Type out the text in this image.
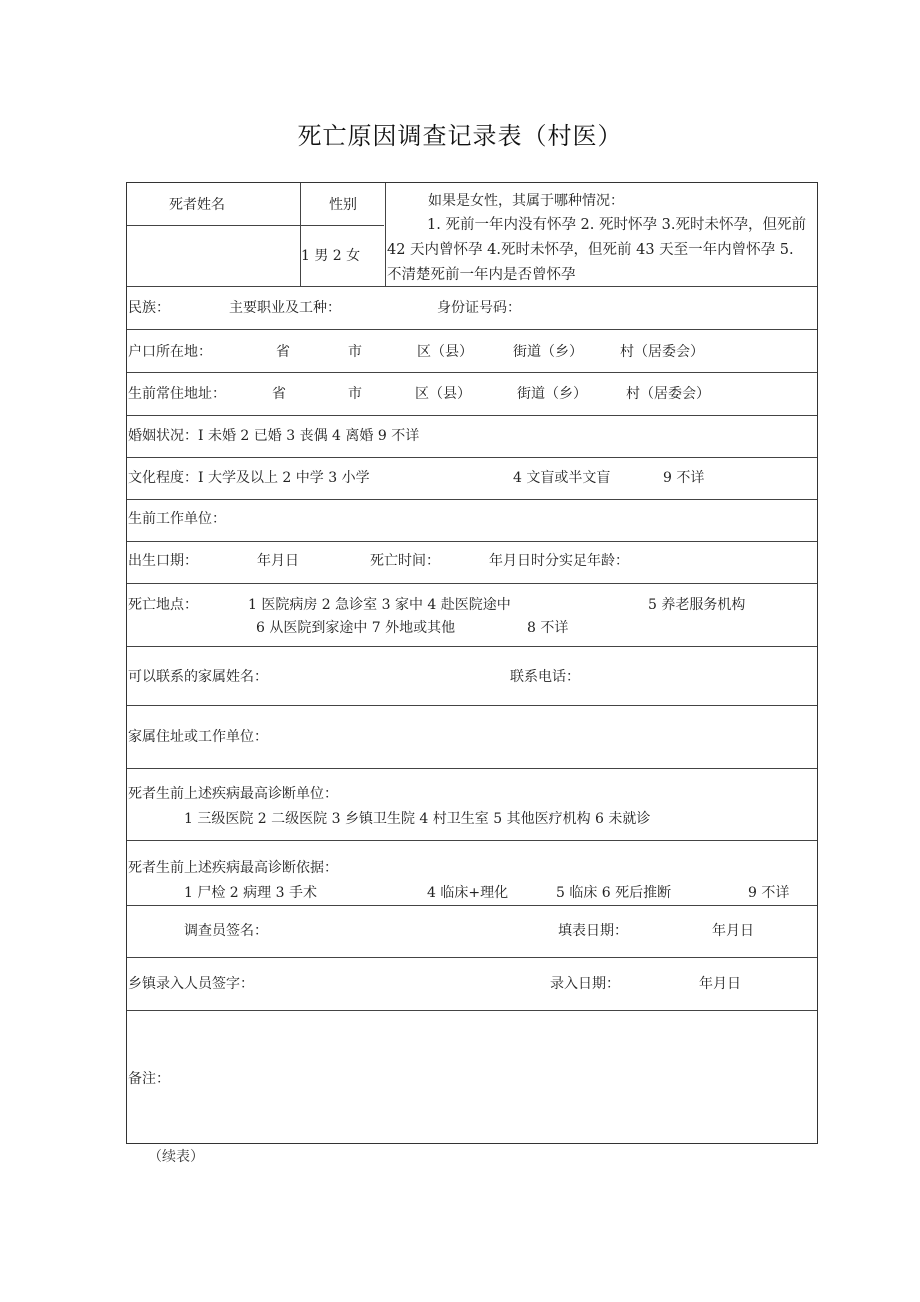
死亡原因调查记录表（村医）
死者姓名	性别
1 男 2 女
如果是女性，其属于哪种情况：
1. 死前一年内没有怀孕 2. 死时怀孕 3.死时未怀孕，但死前
42 天内曾怀孕 4.死时未怀孕，但死前 43 天至一年内曾怀孕 5.
不清楚死前一年内是否曾怀孕
民族：	主要职业及工种：	身份证号码：
户口所在地：	省	市	区（县）	街道（乡）	村（居委会）
生前常住地址：	省	市	区（县）	街道（乡）	村（居委会）
婚姻状况：I 未婚 2 已婚 3 丧偶 4 离婚 9 不详
文化程度：I 大学及以上 2 中学 3 小学	4 文盲或半文盲	9 不详
生前工作单位：
出生口期：	年月日	死亡时间：	年月日时分实足年龄：
死亡地点：	1 医院病房 2 急诊室 3 家中 4 赴医院途中	5 养老服务机构
6 从医院到家途中 7 外地或其他	8 不详
可以联系的家属姓名：	联系电话：
家属住址或工作单位：
死者生前上述疾病最高诊断单位：
1 三级医院 2 二级医院 3 乡镇卫生院 4 村卫生室 5 其他医疗机构 6 未就诊
死者生前上述疾病最高诊断依据：
1 尸检 2 病理 3 手术	4 临床+理化	5 临床 6 死后推断	9 不详
调查员签名：	填表日期：	年月日
乡镇录入人员签字：	录入日期：	年月日
备注：
（续表）
